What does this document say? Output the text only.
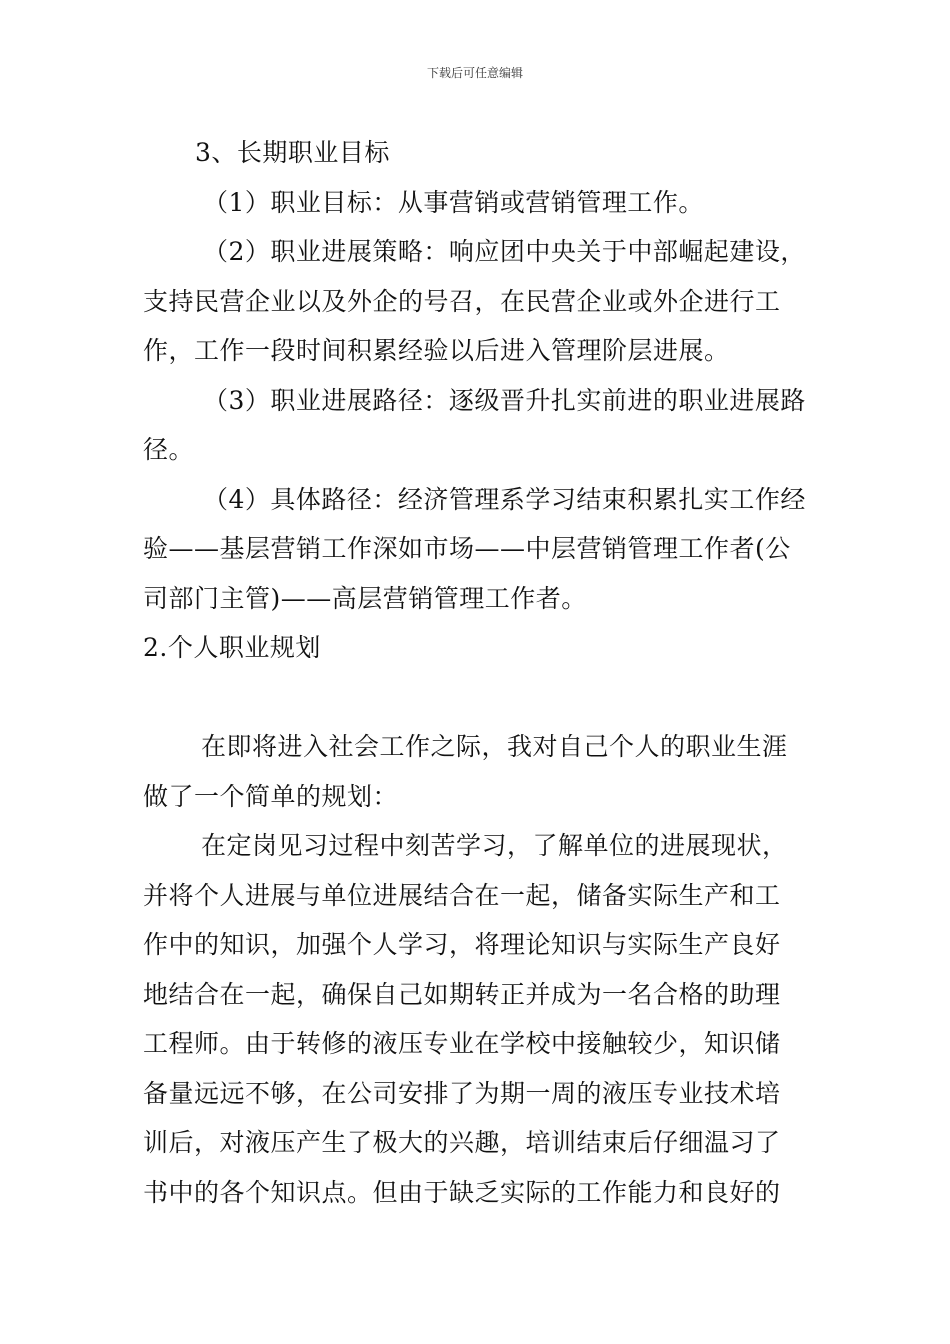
下载后可任意编辑
3、长期职业目标
（1）职业目标：从事营销或营销管理工作。
（2）职业进展策略：响应团中央关于中部崛起建设，
支持民营企业以及外企的号召，在民营企业或外企进行工
作，工作一段时间积累经验以后进入管理阶层进展。
（3）职业进展路径：逐级晋升扎实前进的职业进展路
径。
（4）具体路径：经济管理系学习结束积累扎实工作经
验——基层营销工作深如市场——中层营销管理工作者(公
司部门主管)——高层营销管理工作者。
2.个人职业规划
在即将进入社会工作之际，我对自己个人的职业生涯
做了一个简单的规划：
在定岗见习过程中刻苦学习，了解单位的进展现状，
并将个人进展与单位进展结合在一起，储备实际生产和工
作中的知识，加强个人学习，将理论知识与实际生产良好
地结合在一起，确保自己如期转正并成为一名合格的助理
工程师。由于转修的液压专业在学校中接触较少，知识储
备量远远不够，在公司安排了为期一周的液压专业技术培
训后，对液压产生了极大的兴趣，培训结束后仔细温习了
书中的各个知识点。但由于缺乏实际的工作能力和良好的
